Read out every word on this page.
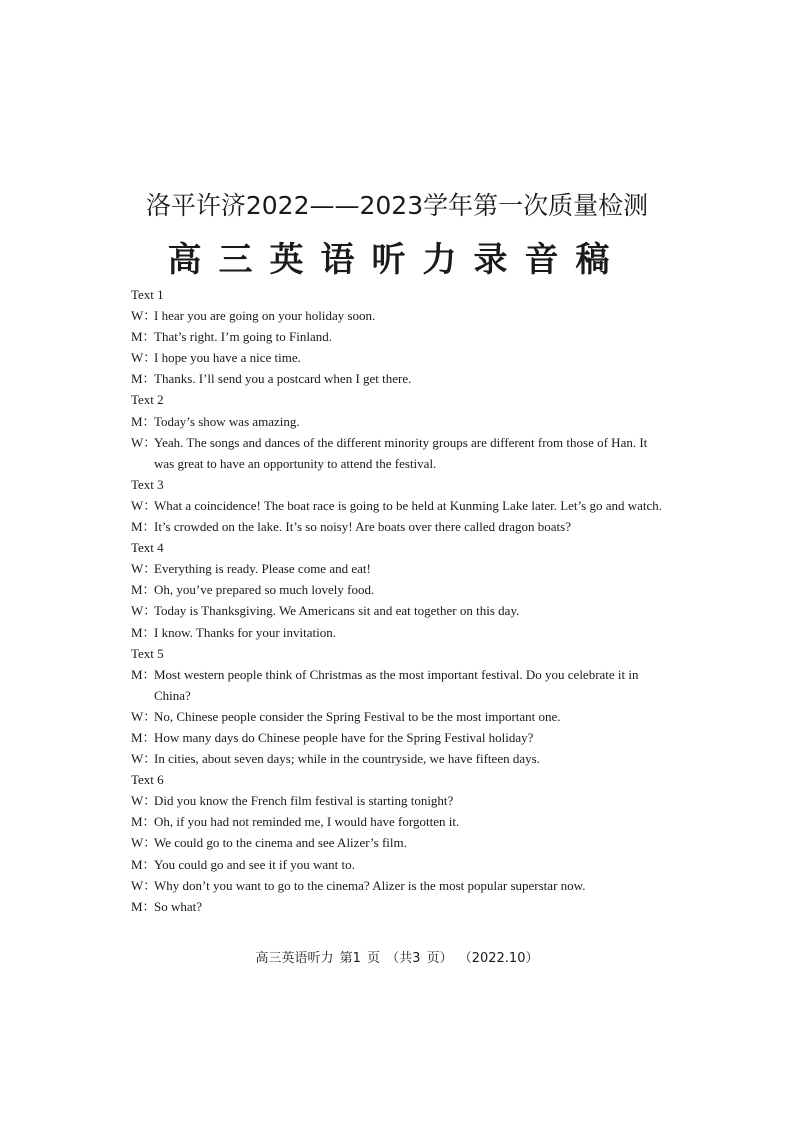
洛平许济2022——2023学年第一次质量检测
高三英语听力录音稿
Text 1
W：
I hear you are going on your holiday soon.
M：
That’s right. I’m going to Finland.
W：
I hope you have a nice time.
M：
Thanks. I’ll send you a postcard when I get there.
Text 2
M：
Today’s show was amazing.
W：
Yeah. The songs and dances of the different minority groups are different from those of Han. It was great to have an opportunity to attend the festival.
Text 3
W：
What a coincidence! The boat race is going to be held at Kunming Lake later. Let’s go and watch.
M：
It’s crowded on the lake. It’s so noisy! Are boats over there called dragon boats?
Text 4
W：
Everything is ready. Please come and eat!
M：
Oh, you’ve prepared so much lovely food.
W：
Today is Thanksgiving. We Americans sit and eat together on this day.
M：
I know. Thanks for your invitation.
Text 5
M：
Most western people think of Christmas as the most important festival. Do you celebrate it in China?
W：
No, Chinese people consider the Spring Festival to be the most important one.
M：
How many days do Chinese people have for the Spring Festival holiday?
W：
In cities, about seven days; while in the countryside, we have fifteen days.
Text 6
W：
Did you know the French film festival is starting tonight?
M：
Oh, if you had not reminded me, I would have forgotten it.
W：
We could go to the cinema and see Alizer’s film.
M：
You could go and see it if you want to.
W：
Why don’t you want to go to the cinema? Alizer is the most popular superstar now.
M：
So what?
高三英语听力 第1 页 （共3 页） （2022.10）
